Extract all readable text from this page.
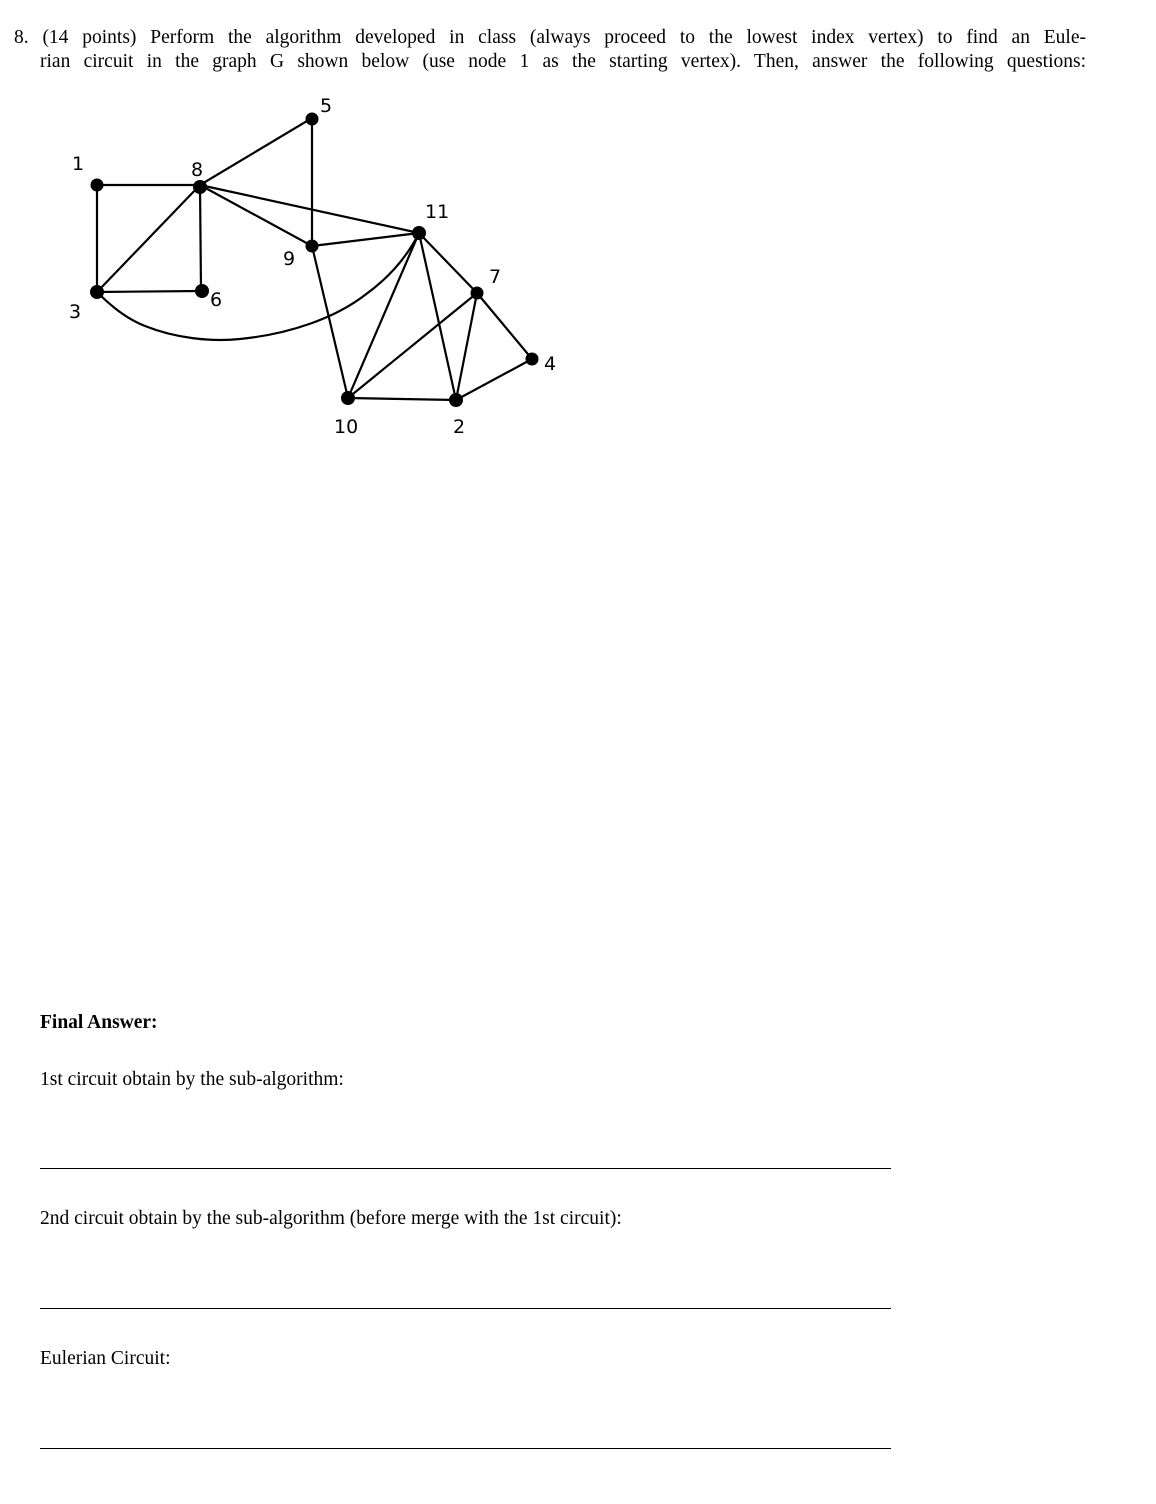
8. (14 points) Perform the algorithm developed in class (always proceed to the lowest index vertex) to find an Eule-
rian circuit in the graph G shown below (use node 1 as the starting vertex). Then, answer the following questions:
1	8
5
11
9
7
6
3
4
10	2
Final Answer:
1st circuit obtain by the sub-algorithm:
2nd circuit obtain by the sub-algorithm (before merge with the 1st circuit):
Eulerian Circuit:
